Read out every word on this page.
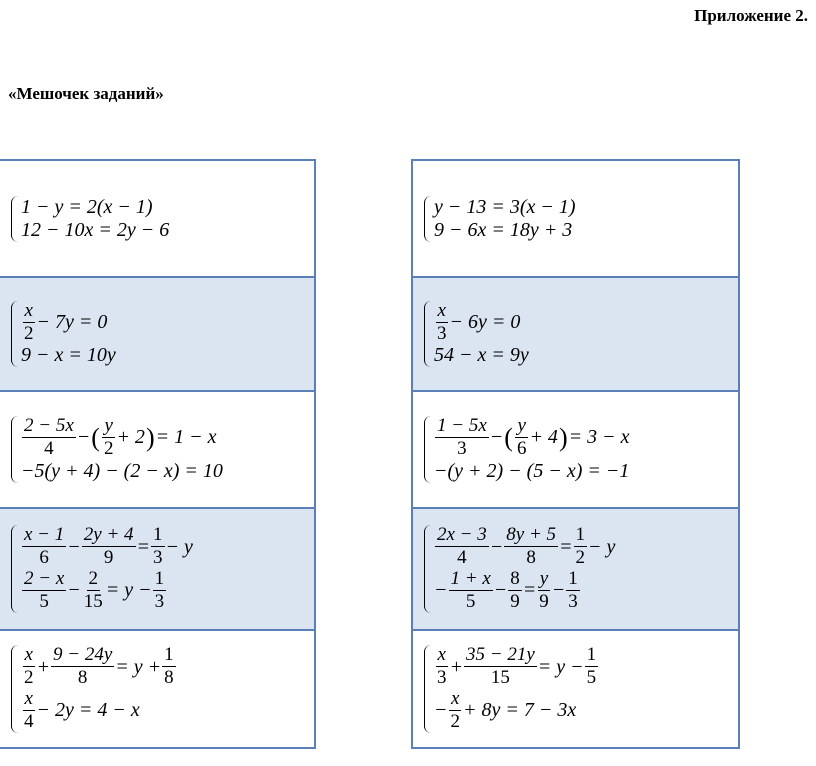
Приложение 2.
«Мешочек заданий»
1 − y = 2(x − 1)
12 − 10x = 2y − 6

$\frac{x}{2} - 7y = 0$
9 − x = 10y

$\frac{2 - 5x}{4}$ − ( $\frac{y}{2} + 2$ ) = 1 − x
−5(y + 4) − (2 − x) = 10

$\frac{x - 1}{6} - \frac{2y + 4}{9} = \frac{1}{3} - y$
$\frac{2 - x}{5} - \frac{2}{15} = y - \frac{1}{3}$

$\frac{x}{2} + \frac{9 - 24y}{8} = y + \frac{1}{8}$
$\frac{x}{4} - 2y = 4 - x$
y − 13 = 3(x − 1)
9 − 6x = 18y + 3

$\frac{x}{3} - 6y = 0$
54 − x = 9y

$\frac{1 - 5x}{3}$ − ( $\frac{y}{6} + 4$ ) = 3 − x
−(y + 2) − (5 − x) = −1

$\frac{2x - 3}{4} - \frac{8y + 5}{8} = \frac{1}{2} - y$
− $\frac{1 + x}{5} - \frac{8}{9} = \frac{y}{9} - \frac{1}{3}$

$\frac{x}{3} + \frac{35 - 21y}{15} = y - \frac{1}{5}$
− $\frac{x}{2} + 8y = 7 - 3x$
